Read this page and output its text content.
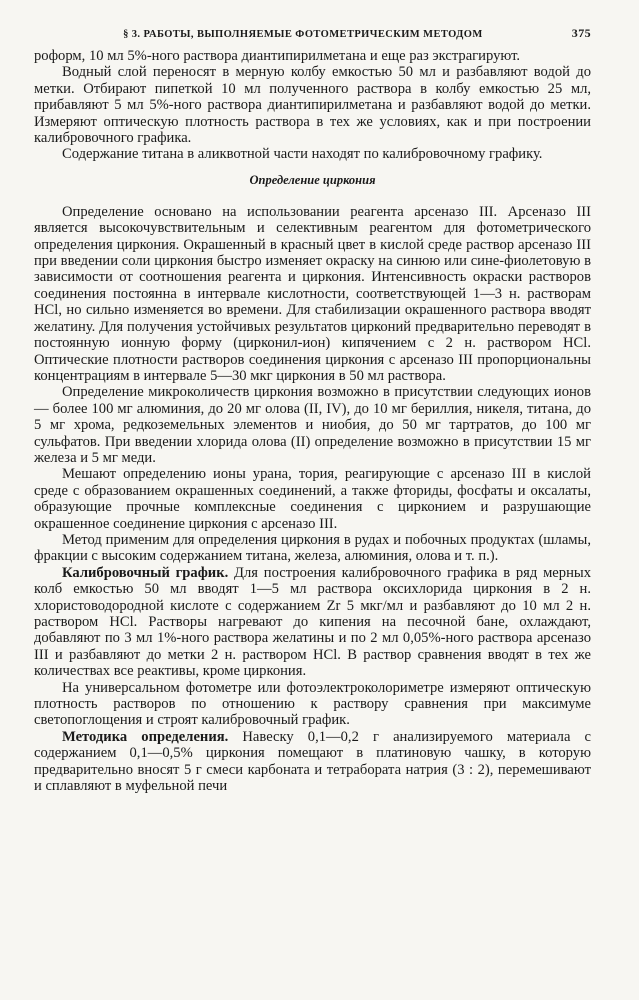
§ 3. РАБОТЫ, ВЫПОЛНЯЕМЫЕ ФОТОМЕТРИЧЕСКИМ МЕТОДОМ	375

роформ, 10 мл 5%-ного раствора диантипирилметана и еще раз экстрагируют.

Водный слой переносят в мерную колбу емкостью 50 мл и разбавляют водой до метки. Отбирают пипеткой 10 мл полученного раствора в колбу емкостью 25 мл, прибавляют 5 мл 5%-ного раствора диантипирилметана и разбавляют водой до метки. Измеряют оптическую плотность раствора в тех же условиях, как и при построении калибровочного графика.

Содержание титана в аликвотной части находят по калибровочному графику.

Определение циркония

Определение основано на использовании реагента арсеназо III. Арсеназо III является высокочувствительным и селективным реагентом для фотометрического определения циркония. Окрашенный в красный цвет в кислой среде раствор арсеназо III при введении соли циркония быстро изменяет окраску на синюю или сине-фиолетовую в зависимости от соотношения реагента и циркония. Интенсивность окраски растворов соединения постоянна в интервале кислотности, соответствующей 1—3 н. растворам HCl, но сильно изменяется во времени. Для стабилизации окрашенного раствора вводят желатину. Для получения устойчивых результатов цирконий предварительно переводят в постоянную ионную форму (цирконил-ион) кипячением с 2 н. раствором HCl. Оптические плотности растворов соединения циркония с арсеназо III пропорциональны концентрациям в интервале 5—30 мкг циркония в 50 мл раствора.

Определение микроколичеств циркония возможно в присутствии следующих ионов — более 100 мг алюминия, до 20 мг олова (II, IV), до 10 мг бериллия, никеля, титана, до 5 мг хрома, редкоземельных элементов и ниобия, до 50 мг тартратов, до 100 мг сульфатов. При введении хлорида олова (II) определение возможно в присутствии 15 мг железа и 5 мг меди.

Мешают определению ионы урана, тория, реагирующие с арсеназо III в кислой среде с образованием окрашенных соединений, а также фториды, фосфаты и оксалаты, образующие прочные комплексные соединения с цирконием и разрушающие окрашенное соединение циркония с арсеназо III.

Метод применим для определения циркония в рудах и побочных продуктах (шламы, фракции с высоким содержанием титана, железа, алюминия, олова и т. п.).

Калибровочный график. Для построения калибровочного графика в ряд мерных колб емкостью 50 мл вводят 1—5 мл раствора оксихлорида циркония в 2 н. хлористоводородной кислоте с содержанием Zr 5 мкг/мл и разбавляют до 10 мл 2 н. раствором HCl. Растворы нагревают до кипения на песочной бане, охлаждают, добавляют по 3 мл 1%-ного раствора желатины и по 2 мл 0,05%-ного раствора арсеназо III и разбавляют до метки 2 н. раствором HCl. В раствор сравнения вводят в тех же количествах все реактивы, кроме циркония.

На универсальном фотометре или фотоэлектроколориметре измеряют оптическую плотность растворов по отношению к раствору сравнения при максимуме светопоглощения и строят калибровочный график.

Методика определения. Навеску 0,1—0,2 г анализируемого материала с содержанием 0,1—0,5% циркония помещают в платиновую чашку, в которую предварительно вносят 5 г смеси карбоната и тетрабората натрия (3 : 2), перемешивают и сплавляют в муфельной печи
